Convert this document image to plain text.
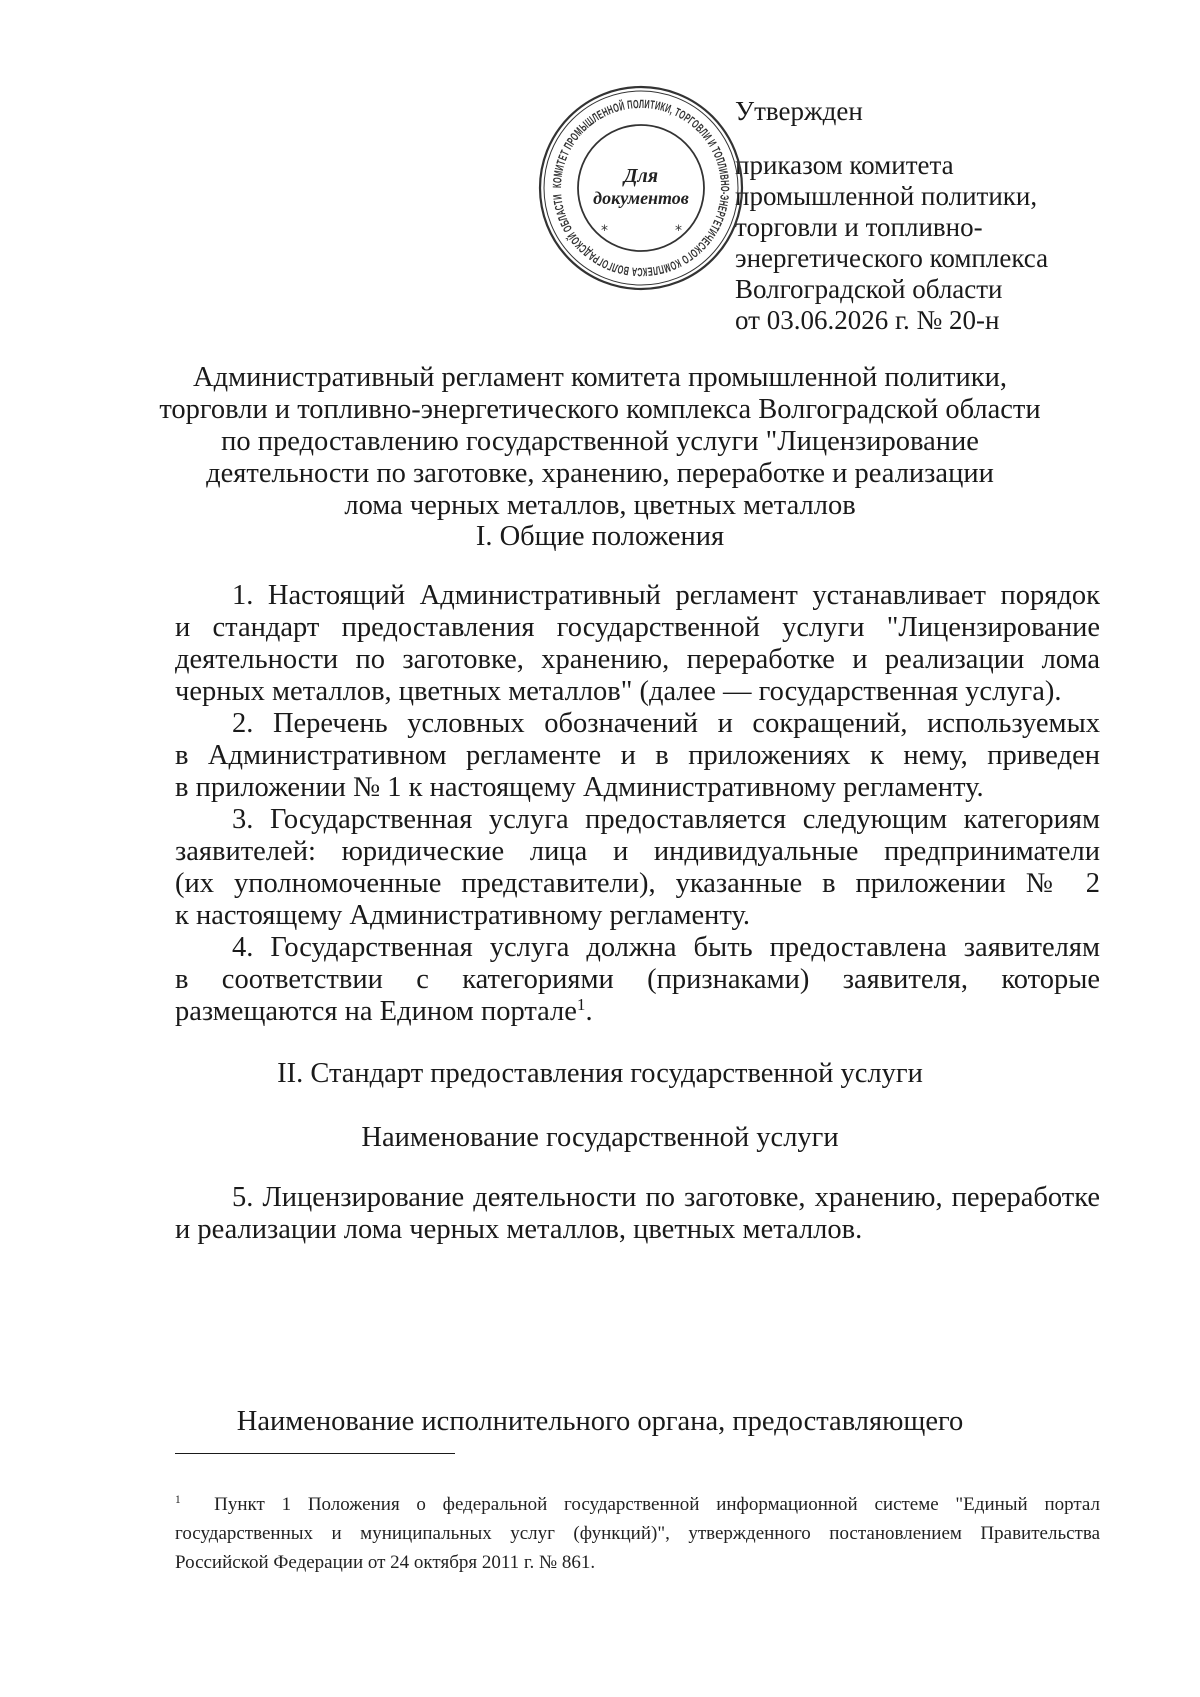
Утвержден
приказом комитета
промышленной политики,
торговли и топливно-
энергетического комплекса
Волгоградской области
от 03.06.2026 г. № 20-н
КОМИТЕТ ПРОМЫШЛЕННОЙ ПОЛИТИКИ, ТОРГОВЛИ И ТОПЛИВНО-ЭНЕРГЕТИЧЕСКОГО КОМПЛЕКСА ВОЛГОГРАДСКОЙ ОБЛАСТИ
*	*
Для
документов
Административный регламент комитета промышленной политики,
торговли и топливно-энергетического комплекса Волгоградской области
по предоставлению государственной услуги "Лицензирование
деятельности по заготовке, хранению, переработке и реализации
лома черных металлов, цветных металлов
I. Общие положения
1. Настоящий Административный регламент устанавливает порядок
и стандарт предоставления государственной услуги "Лицензирование
деятельности по заготовке, хранению, переработке и реализации лома
черных металлов, цветных металлов" (далее — государственная услуга).
2. Перечень условных обозначений и сокращений, используемых
в Административном регламенте и в приложениях к нему, приведен
в приложении № 1 к настоящему Административному регламенту.
3. Государственная услуга предоставляется следующим категориям
заявителей: юридические лица и индивидуальные предприниматели
(их уполномоченные представители), указанные в приложении № 2
к настоящему Административному регламенту.
4. Государственная услуга должна быть предоставлена заявителям
в соответствии с категориями (признаками) заявителя, которые
размещаются на Едином портале$^1$.
II. Стандарт предоставления государственной услуги
Наименование государственной услуги
5. Лицензирование деятельности по заготовке, хранению, переработке
и реализации лома черных металлов, цветных металлов.
Наименование исполнительного органа, предоставляющего
$^1$ Пункт 1 Положения о федеральной государственной информационной системе "Единый портал
государственных и муниципальных услуг (функций)", утвержденного постановлением Правительства
Российской Федерации от 24 октября 2011 г. № 861.
